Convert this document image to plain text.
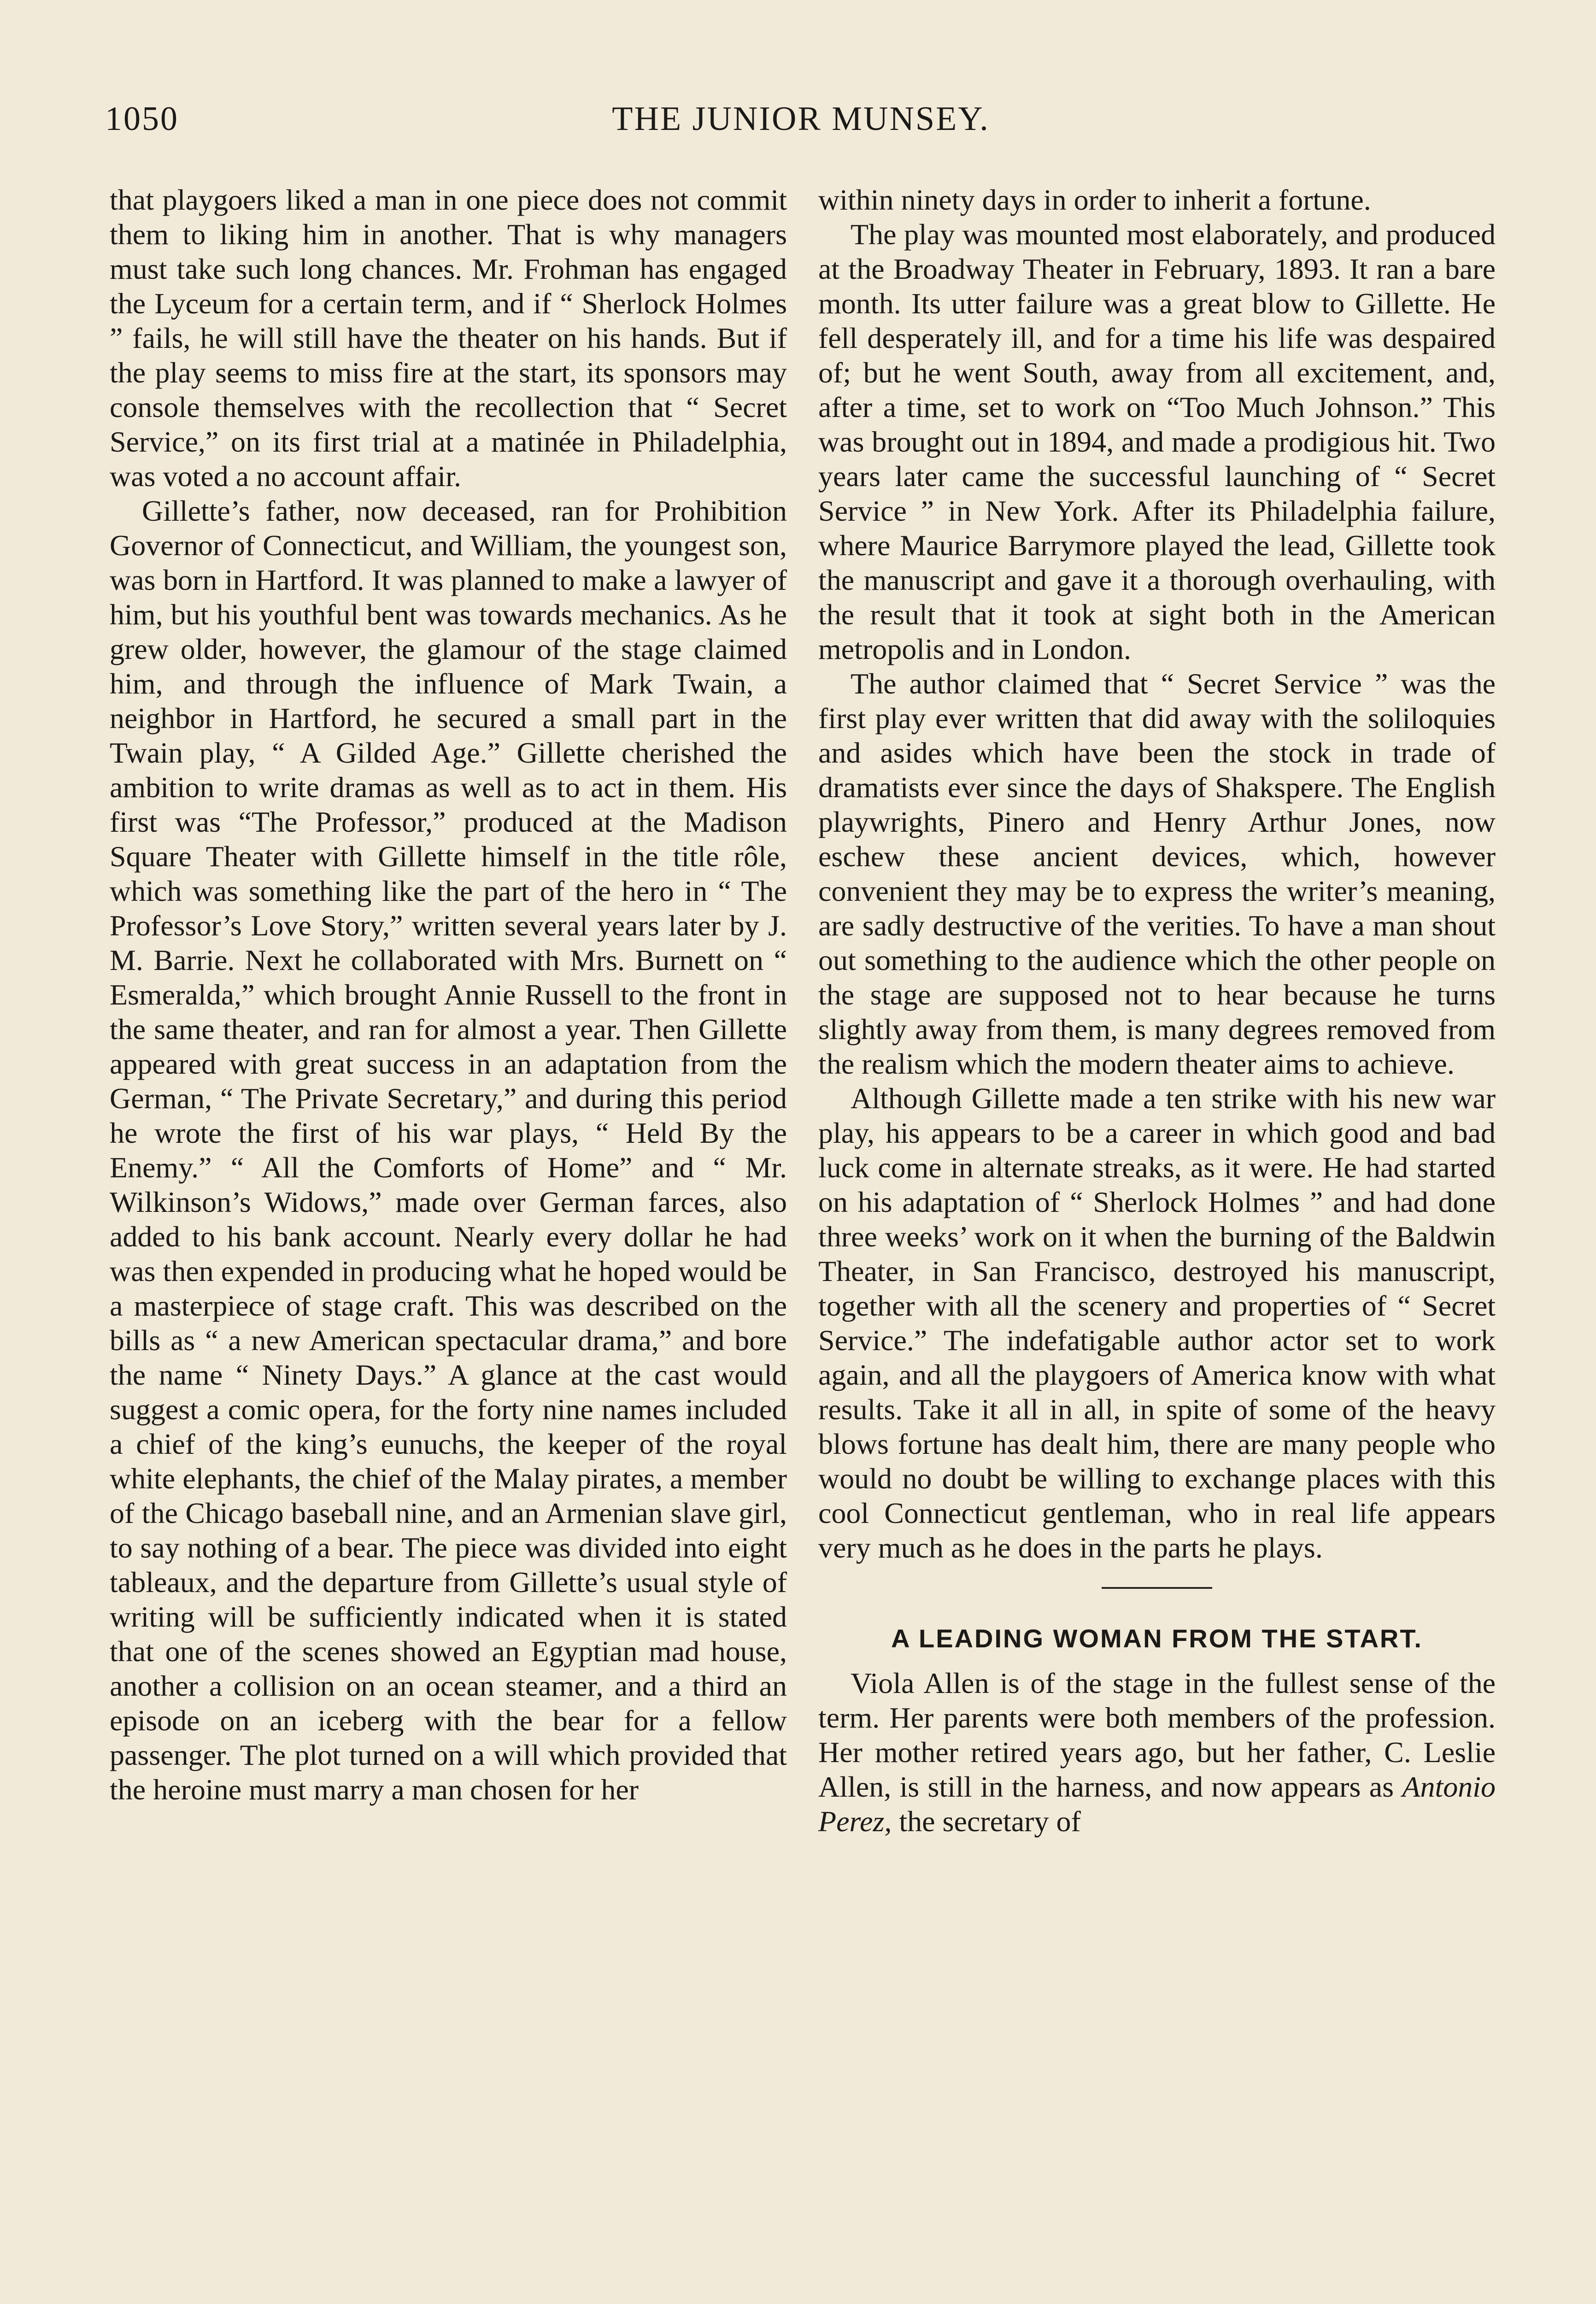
1050	THE JUNIOR MUNSEY.

that playgoers liked a man in one piece does not commit them to liking him in another. That is why managers must take such long chances. Mr. Frohman has engaged the Lyceum for a certain term, and if “ Sherlock Holmes ” fails, he will still have the theater on his hands. But if the play seems to miss fire at the start, its sponsors may console themselves with the recollection that “ Secret Service,” on its first trial at a matinée in Philadelphia, was voted a no account affair.

Gillette’s father, now deceased, ran for Prohibition Governor of Connecticut, and William, the youngest son, was born in Hartford. It was planned to make a lawyer of him, but his youthful bent was towards mechanics. As he grew older, however, the glamour of the stage claimed him, and through the influence of Mark Twain, a neighbor in Hartford, he secured a small part in the Twain play, “ A Gilded Age.” Gillette cherished the ambition to write dramas as well as to act in them. His first was “The Professor,” produced at the Madison Square Theater with Gillette himself in the title rôle, which was something like the part of the hero in “ The Professor’s Love Story,” written several years later by J. M. Barrie. Next he collaborated with Mrs. Burnett on “ Esmeralda,” which brought Annie Russell to the front in the same theater, and ran for almost a year. Then Gillette appeared with great success in an adaptation from the German, “ The Private Secretary,” and during this period he wrote the first of his war plays, “ Held By the Enemy.” “ All the Comforts of Home” and “ Mr. Wilkinson’s Widows,” made over German farces, also added to his bank account. Nearly every dollar he had was then expended in producing what he hoped would be a masterpiece of stage craft. This was described on the bills as “ a new American spectacular drama,” and bore the name “ Ninety Days.” A glance at the cast would suggest a comic opera, for the forty nine names included a chief of the king’s eunuchs, the keeper of the royal white elephants, the chief of the Malay pirates, a member of the Chicago baseball nine, and an Armenian slave girl, to say nothing of a bear. The piece was divided into eight tableaux, and the departure from Gillette’s usual style of writing will be sufficiently indicated when it is stated that one of the scenes showed an Egyptian mad house, another a collision on an ocean steamer, and a third an episode on an iceberg with the bear for a fellow passenger. The plot turned on a will which provided that the heroine must marry a man chosen for her

within ninety days in order to inherit a fortune.

The play was mounted most elaborately, and produced at the Broadway Theater in February, 1893. It ran a bare month. Its utter failure was a great blow to Gillette. He fell desperately ill, and for a time his life was despaired of; but he went South, away from all excitement, and, after a time, set to work on “Too Much Johnson.” This was brought out in 1894, and made a prodigious hit. Two years later came the successful launching of “ Secret Service ” in New York. After its Philadelphia failure, where Maurice Barrymore played the lead, Gillette took the manuscript and gave it a thorough overhauling, with the result that it took at sight both in the American metropolis and in London.

The author claimed that “ Secret Service ” was the first play ever written that did away with the soliloquies and asides which have been the stock in trade of dramatists ever since the days of Shakspere. The English playwrights, Pinero and Henry Arthur Jones, now eschew these ancient devices, which, however convenient they may be to express the writer’s meaning, are sadly destructive of the verities. To have a man shout out something to the audience which the other people on the stage are supposed not to hear because he turns slightly away from them, is many degrees removed from the realism which the modern theater aims to achieve.

Although Gillette made a ten strike with his new war play, his appears to be a career in which good and bad luck come in alternate streaks, as it were. He had started on his adaptation of “ Sherlock Holmes ” and had done three weeks’ work on it when the burning of the Baldwin Theater, in San Francisco, destroyed his manuscript, together with all the scenery and properties of “ Secret Service.” The indefatigable author actor set to work again, and all the playgoers of America know with what results. Take it all in all, in spite of some of the heavy blows fortune has dealt him, there are many people who would no doubt be willing to exchange places with this cool Connecticut gentleman, who in real life appears very much as he does in the parts he plays.

A LEADING WOMAN FROM THE START.

Viola Allen is of the stage in the fullest sense of the term. Her parents were both members of the profession. Her mother retired years ago, but her father, C. Leslie Allen, is still in the harness, and now appears as Antonio Perez, the secretary of
